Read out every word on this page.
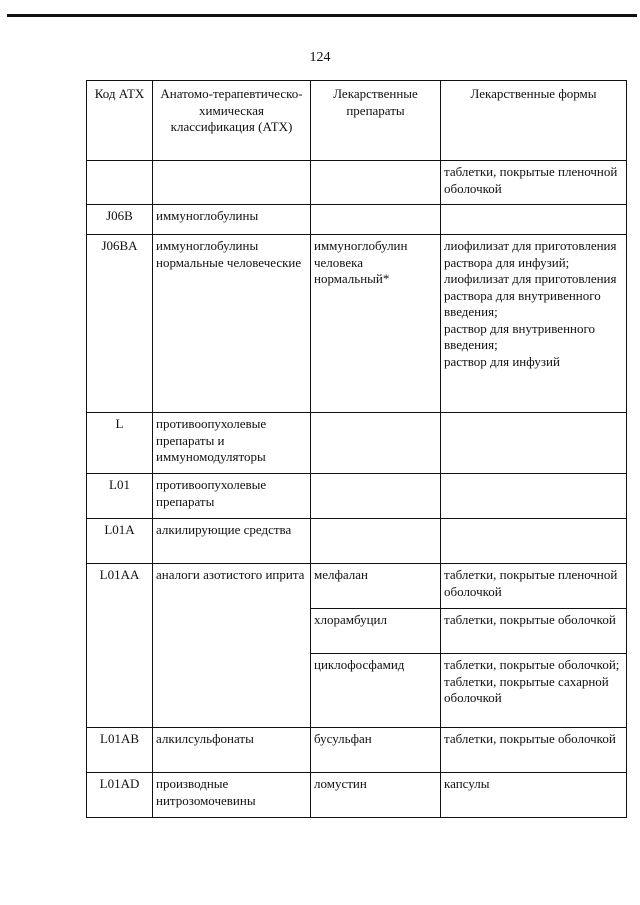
124
Код АТХ	Анатомо-терапевтическо-химическая классификация (АТХ)	Лекарственные препараты	Лекарственные формы
			таблетки, покрытые пленочной оболочкой
J06B	иммуноглобулины		
J06BA	иммуноглобулины нормальные человеческие	иммуноглобулин человека нормальный*	лиофилизат для приготовления раствора для инфузий;
лиофилизат для приготовления раствора для внутривенного введения;
раствор для внутривенного введения;
раствор для инфузий
L	противоопухолевые препараты и иммуномодуляторы		
L01	противоопухолевые препараты		
L01A	алкилирующие средства		
L01AA	аналоги азотистого иприта	мелфалан	таблетки, покрытые пленочной оболочкой
		хлорамбуцил	таблетки, покрытые оболочкой
		циклофосфамид	таблетки, покрытые оболочкой;
таблетки, покрытые сахарной оболочкой
L01AB	алкилсульфонаты	бусульфан	таблетки, покрытые оболочкой
L01AD	производные нитрозомочевины	ломустин	капсулы
